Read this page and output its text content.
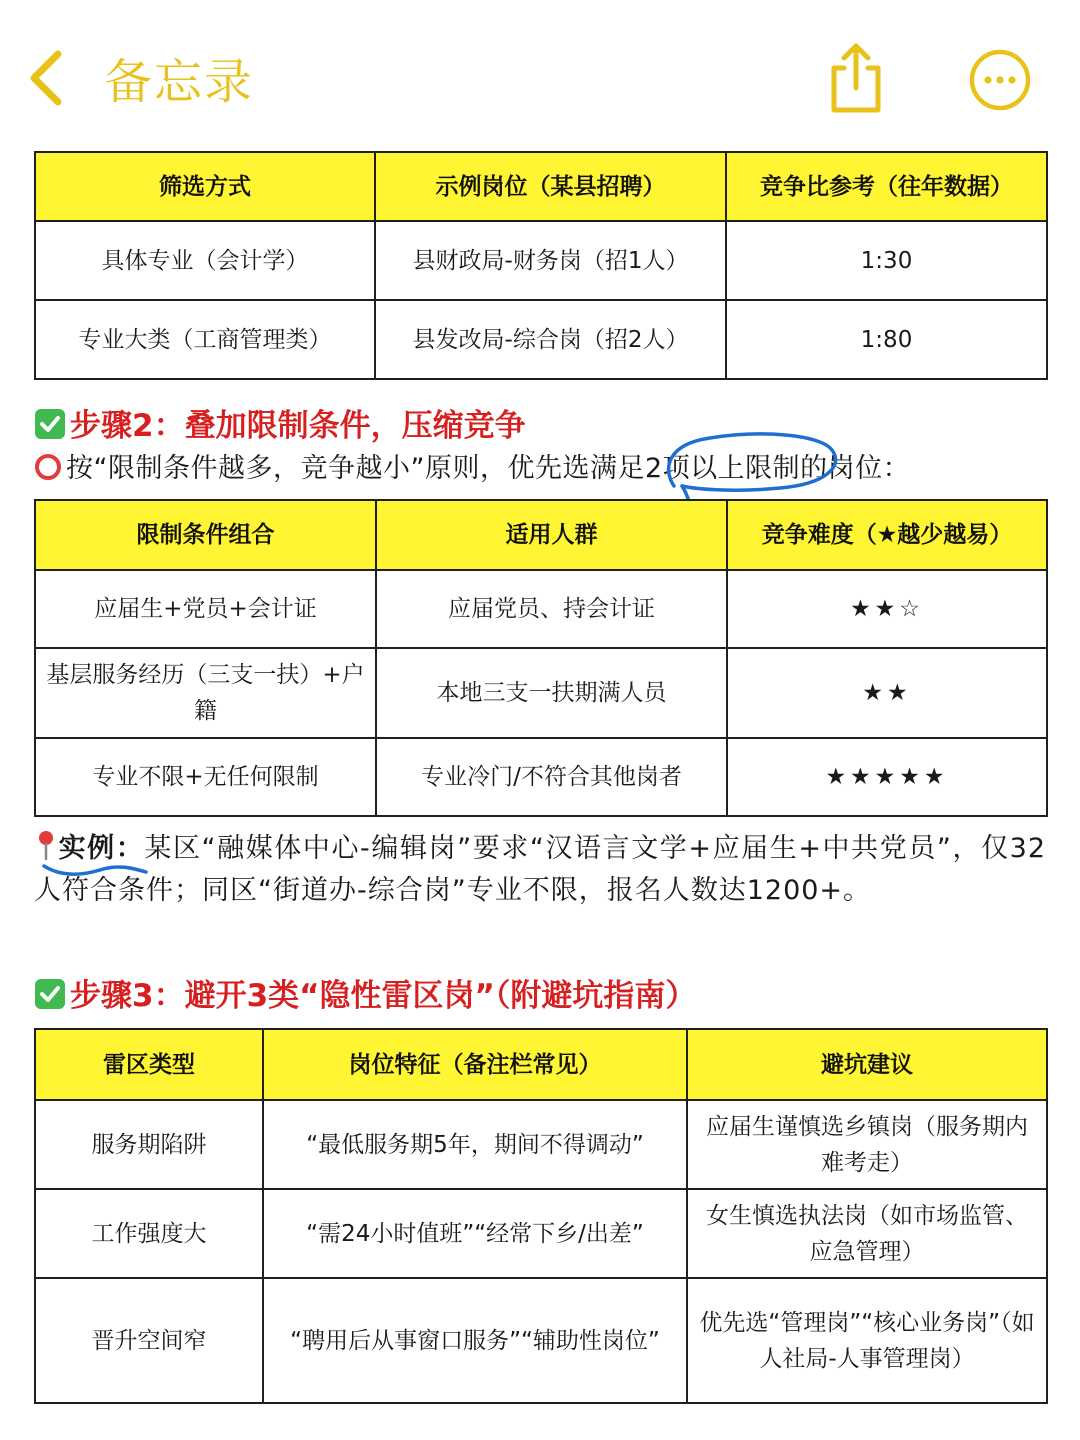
备忘录
筛选方式	示例岗位（某县招聘）	竞争比参考（往年数据）
具体专业（会计学）	县财政局-财务岗（招1人）	1:30
专业大类（工商管理类）	县发改局-综合岗（招2人）	1:80
步骤2：叠加限制条件，压缩竞争
按“限制条件越多，竞争越小”原则，优先选满足2项以上限制的岗位：
限制条件组合	适用人群	竞争难度（★越少越易）
应届生+党员+会计证	应届党员、持会计证	★★☆
基层服务经历（三支一扶）+户籍	本地三支一扶期满人员	★★
专业不限+无任何限制	专业冷门/不符合其他岗者	★★★★★
实例：某区“融媒体中心-编辑岗”要求“汉语言文学+应届生+中共党员”，仅32人符合条件；同区“街道办-综合岗”专业不限，报名人数达1200+。
步骤3：避开3类“隐性雷区岗”（附避坑指南）
雷区类型	岗位特征（备注栏常见）	避坑建议
服务期陷阱	“最低服务期5年，期间不得调动”	应届生谨慎选乡镇岗（服务期内难考走）
工作强度大	“需24小时值班”“经常下乡/出差”	女生慎选执法岗（如市场监管、应急管理）
晋升空间窄	“聘用后从事窗口服务”“辅助性岗位”	优先选“管理岗”“核心业务岗”（如人社局-人事管理岗）
